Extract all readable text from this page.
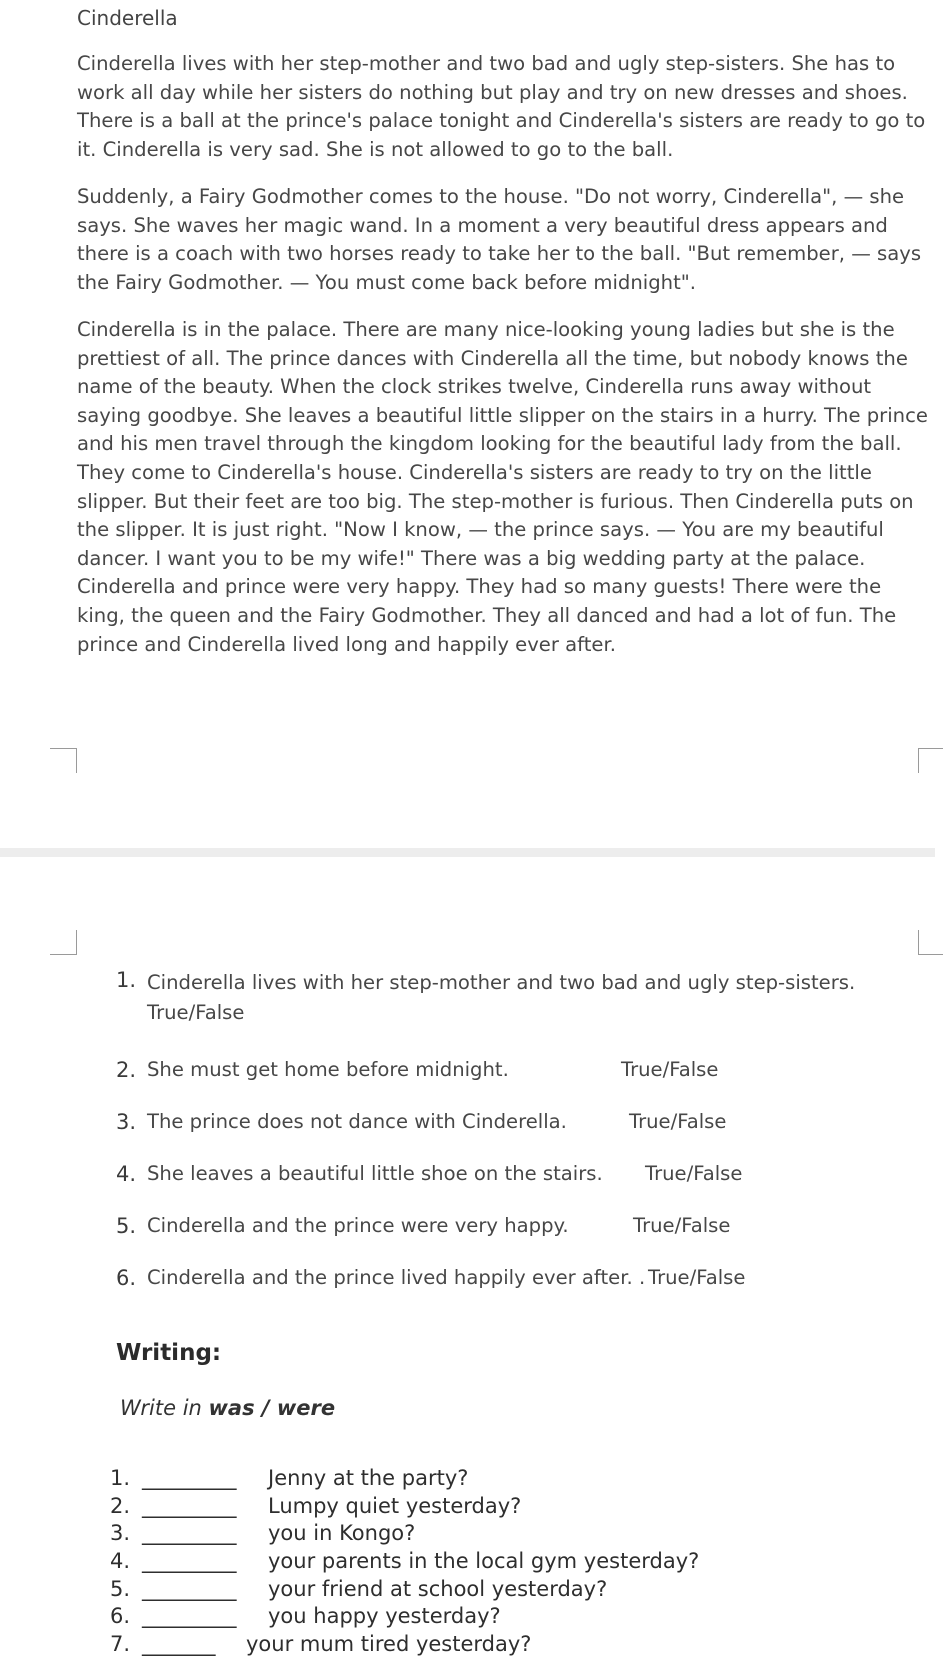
Cinderella

Cinderella lives with her step-mother and two bad and ugly step-sisters. She has to work all day while her sisters do nothing but play and try on new dresses and shoes. There is a ball at the prince's palace tonight and Cinderella's sisters are ready to go to it. Cinderella is very sad. She is not allowed to go to the ball.

Suddenly, a Fairy Godmother comes to the house. "Do not worry, Cinderella", — she says. She waves her magic wand. In a moment a very beautiful dress appears and there is a coach with two horses ready to take her to the ball. "But remember, — says the Fairy Godmother. — You must come back before midnight".

Cinderella is in the palace. There are many nice-looking young ladies but she is the prettiest of all. The prince dances with Cinderella all the time, but nobody knows the name of the beauty. When the clock strikes twelve, Cinderella runs away without saying goodbye. She leaves a beautiful little slipper on the stairs in a hurry. The prince and his men travel through the kingdom looking for the beautiful lady from the ball. They come to Cinderella's house. Cinderella's sisters are ready to try on the little slipper. But their feet are too big. The step-mother is furious. Then Cinderella puts on the slipper. It is just right. "Now I know, — the prince says. — You are my beautiful dancer. I want you to be my wife!" There was a big wedding party at the palace. Cinderella and prince were very happy. They had so many guests! There were the king, the queen and the Fairy Godmother. They all danced and had a lot of fun. The prince and Cinderella lived long and happily ever after.

1. Cinderella lives with her step-mother and two bad and ugly step-sisters. True/False
2. She must get home before midnight.	True/False
3. The prince does not dance with Cinderella.	True/False
4. She leaves a beautiful little shoe on the stairs. True/False
5. Cinderella and the prince were very happy.	True/False
6. Cinderella and the prince lived happily ever after. . True/False
Writing:
Write in was / were
1. _________ Jenny at the party?
2. _________ Lumpy quiet yesterday?
3. _________ you in Kongo?
4. _________ your parents in the local gym yesterday?
5. _________ your friend at school yesterday?
6. _________ you happy yesterday?
7. _______ your mum tired yesterday?
